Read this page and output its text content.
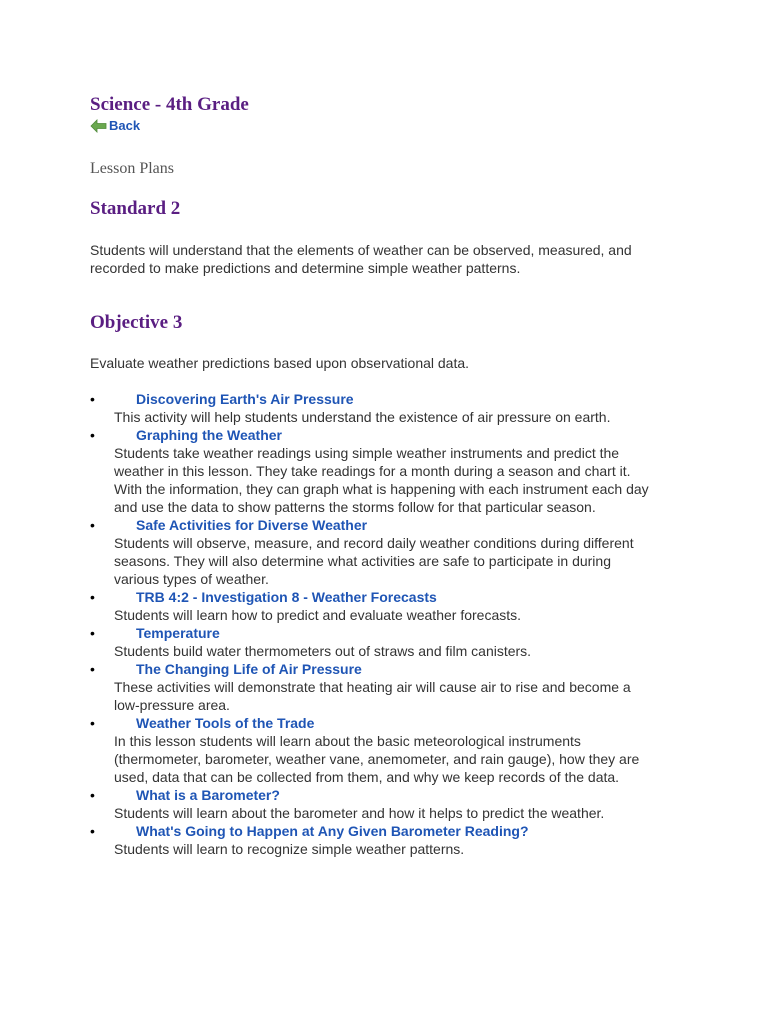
Science - 4th Grade
Back
Lesson Plans
Standard 2

Students will understand that the elements of weather can be observed, measured, and recorded to make predictions and determine simple weather patterns.

Objective 3

Evaluate weather predictions based upon observational data.

•	Discovering Earth's Air Pressure
This activity will help students understand the existence of air pressure on earth.
•	Graphing the Weather
Students take weather readings using simple weather instruments and predict the weather in this lesson. They take readings for a month during a season and chart it. With the information, they can graph what is happening with each instrument each day and use the data to show patterns the storms follow for that particular season.
•	Safe Activities for Diverse Weather
Students will observe, measure, and record daily weather conditions during different seasons. They will also determine what activities are safe to participate in during various types of weather.
•	TRB 4:2 - Investigation 8 - Weather Forecasts
Students will learn how to predict and evaluate weather forecasts.
•	Temperature
Students build water thermometers out of straws and film canisters.
•	The Changing Life of Air Pressure
These activities will demonstrate that heating air will cause air to rise and become a low-pressure area.
•	Weather Tools of the Trade
In this lesson students will learn about the basic meteorological instruments (thermometer, barometer, weather vane, anemometer, and rain gauge), how they are used, data that can be collected from them, and why we keep records of the data.
•	What is a Barometer?
Students will learn about the barometer and how it helps to predict the weather.
•	What's Going to Happen at Any Given Barometer Reading?
Students will learn to recognize simple weather patterns.
